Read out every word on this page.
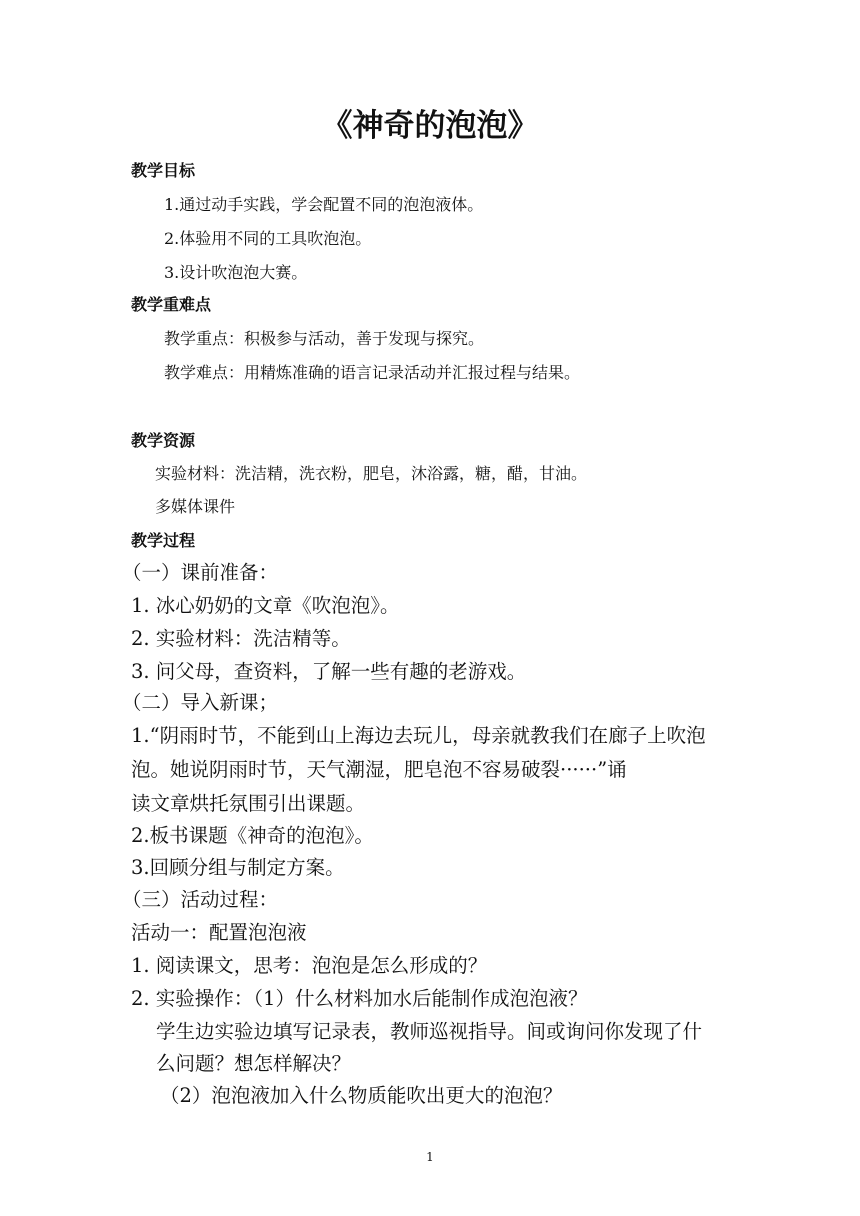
《神奇的泡泡》
教学目标
1.通过动手实践，学会配置不同的泡泡液体。
2.体验用不同的工具吹泡泡。
3.设计吹泡泡大赛。
教学重难点
教学重点：积极参与活动，善于发现与探究。
教学难点：用精炼准确的语言记录活动并汇报过程与结果。
教学资源
实验材料：洗洁精，洗衣粉，肥皂，沐浴露，糖，醋，甘油。
多媒体课件
教学过程
（一）课前准备：
1. 冰心奶奶的文章《吹泡泡》。
2. 实验材料：洗洁精等。
3. 问父母，查资料，了解一些有趣的老游戏。
（二）导入新课；
1.“阴雨时节，不能到山上海边去玩儿，母亲就教我们在廊子上吹泡
泡。她说阴雨时节，天气潮湿，肥皂泡不容易破裂······”诵
读文章烘托氛围引出课题。
2.板书课题《神奇的泡泡》。
3.回顾分组与制定方案。
（三）活动过程：
活动一：配置泡泡液
1. 阅读课文，思考：泡泡是怎么形成的？
2. 实验操作：（1）什么材料加水后能制作成泡泡液？
学生边实验边填写记录表，教师巡视指导。间或询问你发现了什
么问题？想怎样解决？
（2）泡泡液加入什么物质能吹出更大的泡泡？
1
